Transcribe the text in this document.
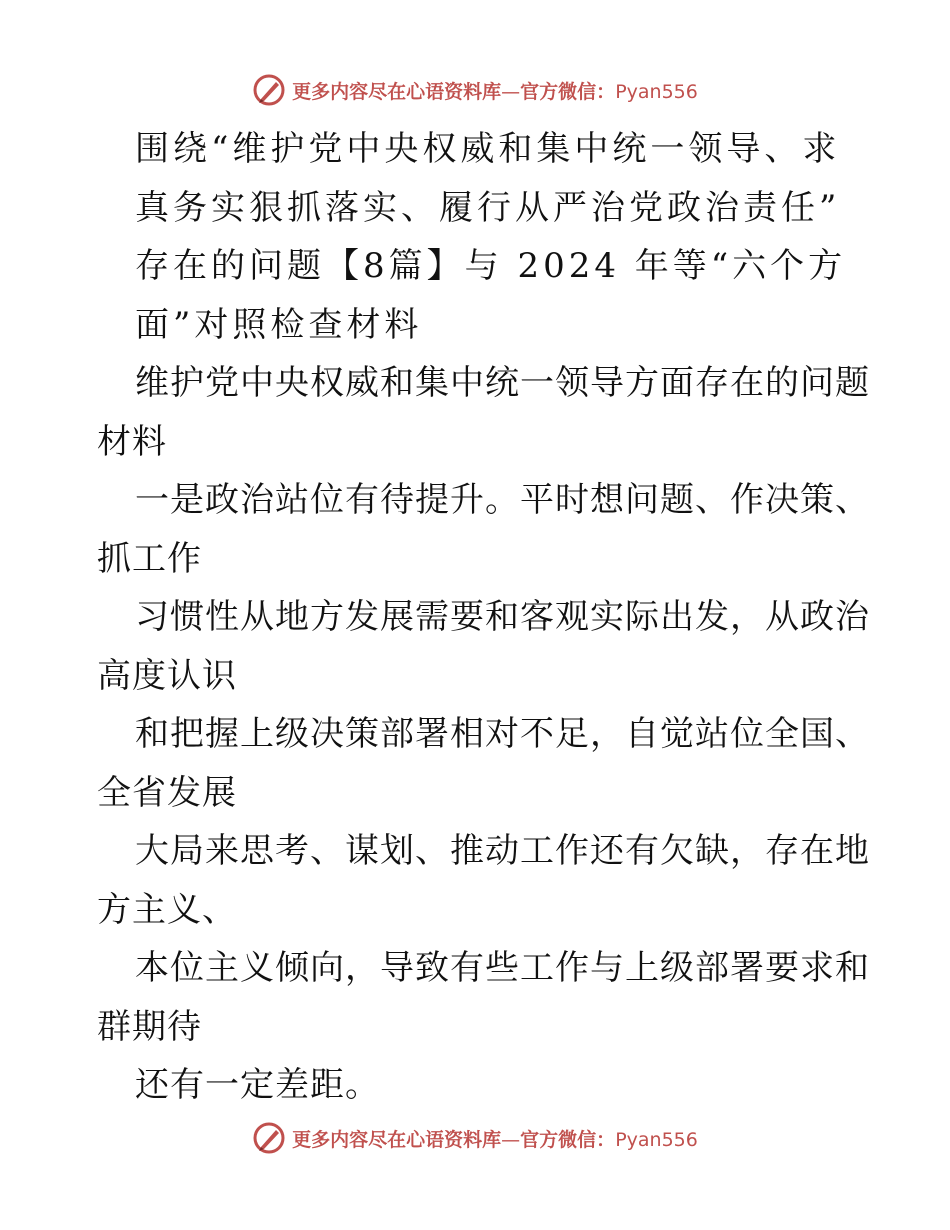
更多内容尽在心语资料库—官方微信：Pyan556
围绕“维护党中央权威和集中统一领导、求
真务实狠抓落实、履行从严治党政治责任”
存在的问题【8篇】与 2024 年等“六个方
面”对照检查材料
维护党中央权威和集中统一领导方面存在的问题
材料
一是政治站位有待提升。平时想问题、作决策、
抓工作
习惯性从地方发展需要和客观实际出发，从政治
高度认识
和把握上级决策部署相对不足，自觉站位全国、
全省发展
大局来思考、谋划、推动工作还有欠缺，存在地
方主义、
本位主义倾向，导致有些工作与上级部署要求和
群期待
还有一定差距。
更多内容尽在心语资料库—官方微信：Pyan556
